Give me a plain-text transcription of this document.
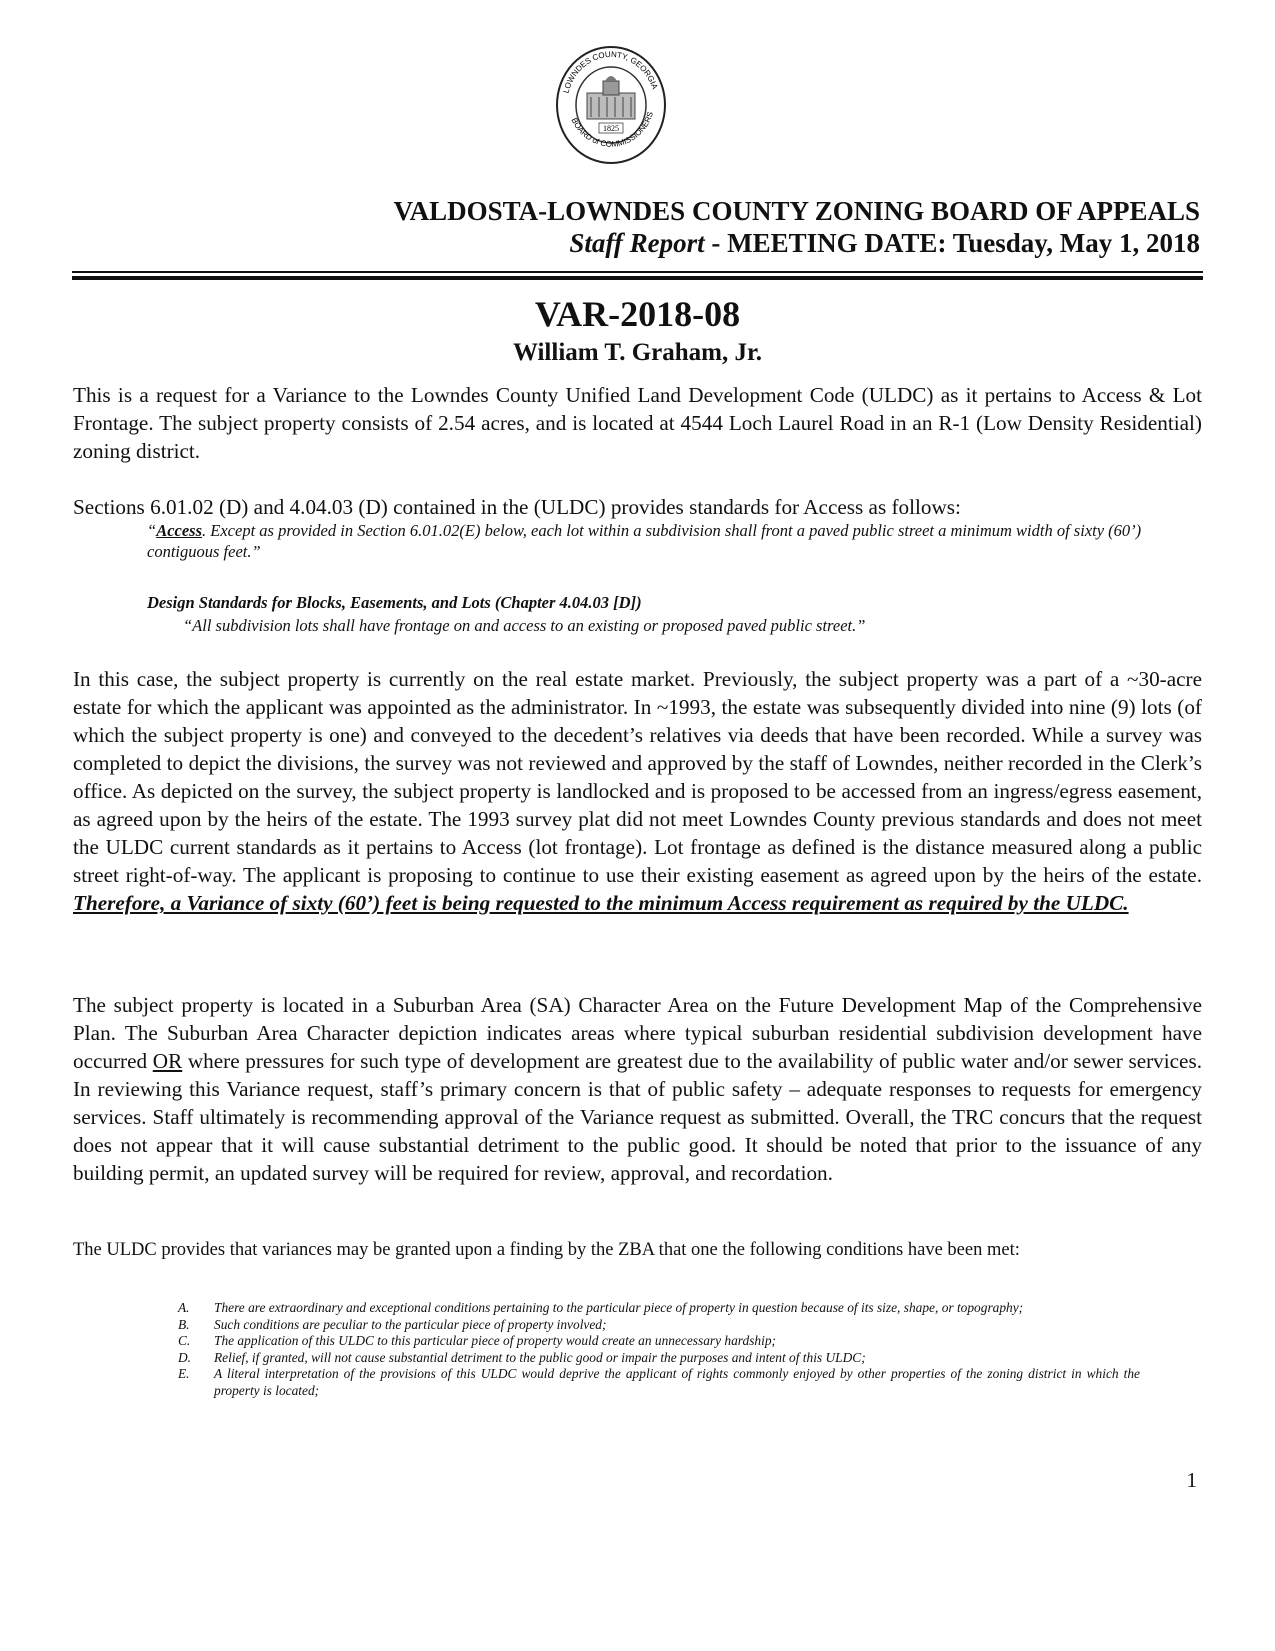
1825
LOWNDES COUNTY, GEORGIA
BOARD of COMMISSIONERS
VALDOSTA-LOWNDES COUNTY ZONING BOARD OF APPEALS
Staff Report - MEETING DATE: Tuesday, May 1, 2018
VAR-2018-08
William T. Graham, Jr.
This is a request for a Variance to the Lowndes County Unified Land Development Code (ULDC) as it pertains to Access & Lot Frontage. The subject property consists of 2.54 acres, and is located at 4544 Loch Laurel Road in an R-1 (Low Density Residential) zoning district.
Sections 6.01.02 (D) and 4.04.03 (D) contained in the (ULDC) provides standards for Access as follows:
“Access. Except as provided in Section 6.01.02(E) below, each lot within a subdivision shall front a paved public street a minimum width of sixty (60’) contiguous feet.”
Design Standards for Blocks, Easements, and Lots (Chapter 4.04.03 [D])
“All subdivision lots shall have frontage on and access to an existing or proposed paved public street.”
In this case, the subject property is currently on the real estate market. Previously, the subject property was a part of a ~30-acre estate for which the applicant was appointed as the administrator. In ~1993, the estate was subsequently divided into nine (9) lots (of which the subject property is one) and conveyed to the decedent’s relatives via deeds that have been recorded. While a survey was completed to depict the divisions, the survey was not reviewed and approved by the staff of Lowndes, neither recorded in the Clerk’s office. As depicted on the survey, the subject property is landlocked and is proposed to be accessed from an ingress/egress easement, as agreed upon by the heirs of the estate. The 1993 survey plat did not meet Lowndes County previous standards and does not meet the ULDC current standards as it pertains to Access (lot frontage). Lot frontage as defined is the distance measured along a public street right-of-way. The applicant is proposing to continue to use their existing easement as agreed upon by the heirs of the estate. Therefore, a Variance of sixty (60’) feet is being requested to the minimum Access requirement as required by the ULDC.
The subject property is located in a Suburban Area (SA) Character Area on the Future Development Map of the Comprehensive Plan. The Suburban Area Character depiction indicates areas where typical suburban residential subdivision development have occurred OR where pressures for such type of development are greatest due to the availability of public water and/or sewer services. In reviewing this Variance request, staff’s primary concern is that of public safety – adequate responses to requests for emergency services. Staff ultimately is recommending approval of the Variance request as submitted. Overall, the TRC concurs that the request does not appear that it will cause substantial detriment to the public good. It should be noted that prior to the issuance of any building permit, an updated survey will be required for review, approval, and recordation.
The ULDC provides that variances may be granted upon a finding by the ZBA that one the following conditions have been met:
A.	There are extraordinary and exceptional conditions pertaining to the particular piece of property in question because of its size, shape, or topography;
B.	Such conditions are peculiar to the particular piece of property involved;
C.	The application of this ULDC to this particular piece of property would create an unnecessary hardship;
D.	Relief, if granted, will not cause substantial detriment to the public good or impair the purposes and intent of this ULDC;
E.	A literal interpretation of the provisions of this ULDC would deprive the applicant of rights commonly enjoyed by other properties of the zoning district in which the property is located;
1
